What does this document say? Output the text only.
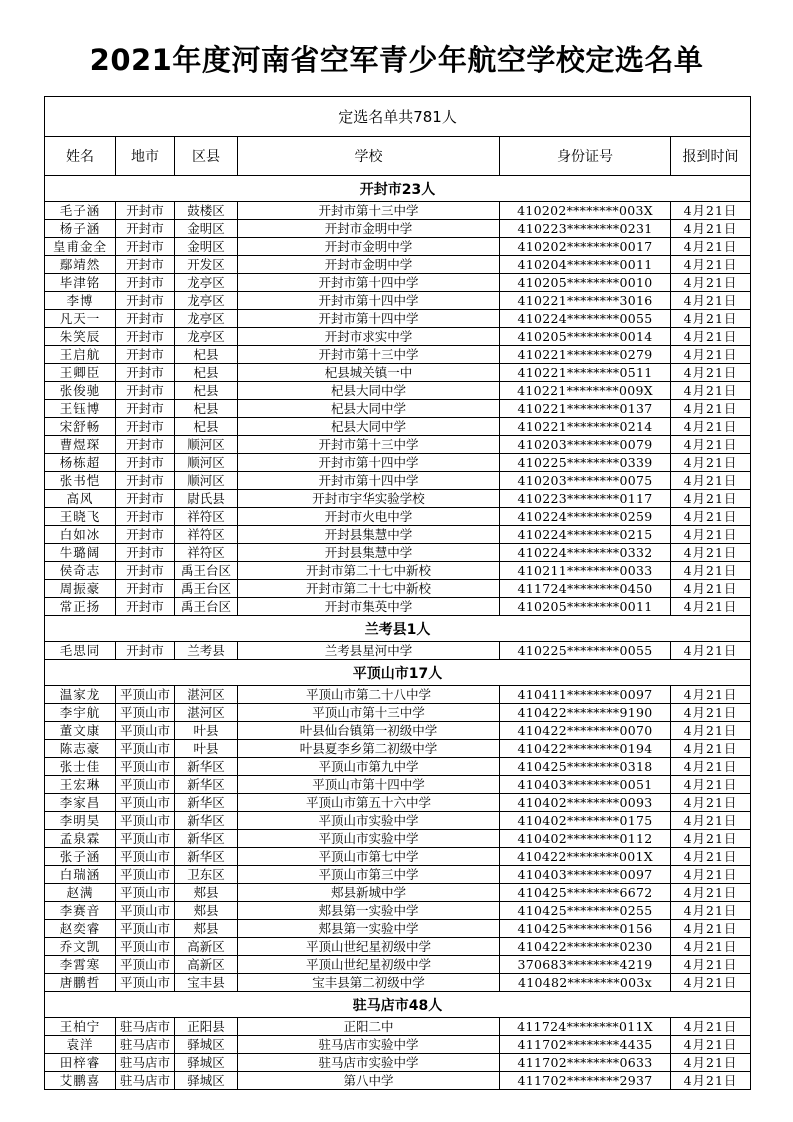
2021年度河南省空军青少年航空学校定选名单
定选名单共781人					
姓名	地市	区县	学校	身份证号	报到时间
开封市23人					
毛子涵	开封市	鼓楼区	开封市第十三中学	410202********003X	4月21日
杨子涵	开封市	金明区	开封市金明中学	410223********0231	4月21日
皇甫金全	开封市	金明区	开封市金明中学	410202********0017	4月21日
鄢靖然	开封市	开发区	开封市金明中学	410204********0011	4月21日
毕津铭	开封市	龙亭区	开封市第十四中学	410205********0010	4月21日
李博	开封市	龙亭区	开封市第十四中学	410221********3016	4月21日
凡天一	开封市	龙亭区	开封市第十四中学	410224********0055	4月21日
朱笑辰	开封市	龙亭区	开封市求实中学	410205********0014	4月21日
王启航	开封市	杞县	开封市第十三中学	410221********0279	4月21日
王卿臣	开封市	杞县	杞县城关镇一中	410221********0511	4月21日
张俊驰	开封市	杞县	杞县大同中学	410221********009X	4月21日
王钰博	开封市	杞县	杞县大同中学	410221********0137	4月21日
宋舒畅	开封市	杞县	杞县大同中学	410221********0214	4月21日
曹煜琛	开封市	顺河区	开封市第十三中学	410203********0079	4月21日
杨栋超	开封市	顺河区	开封市第十四中学	410225********0339	4月21日
张书恺	开封市	顺河区	开封市第十四中学	410203********0075	4月21日
高风	开封市	尉氏县	开封市宇华实验学校	410223********0117	4月21日
王晓飞	开封市	祥符区	开封市火电中学	410224********0259	4月21日
白如冰	开封市	祥符区	开封县集慧中学	410224********0215	4月21日
牛璐阔	开封市	祥符区	开封县集慧中学	410224********0332	4月21日
侯奇志	开封市	禹王台区	开封市第二十七中新校	410211********0033	4月21日
周振豪	开封市	禹王台区	开封市第二十七中新校	411724********0450	4月21日
常正扬	开封市	禹王台区	开封市集英中学	410205********0011	4月21日
兰考县1人					
毛思同	开封市	兰考县	兰考县星河中学	410225********0055	4月21日
平顶山市17人					
温家龙	平顶山市	湛河区	平顶山市第二十八中学	410411********0097	4月21日
李宇航	平顶山市	湛河区	平顶山市第十三中学	410422********9190	4月21日
董文康	平顶山市	叶县	叶县仙台镇第一初级中学	410422********0070	4月21日
陈志豪	平顶山市	叶县	叶县夏李乡第二初级中学	410422********0194	4月21日
张士佳	平顶山市	新华区	平顶山市第九中学	410425********0318	4月21日
王宏琳	平顶山市	新华区	平顶山市第十四中学	410403********0051	4月21日
李家昌	平顶山市	新华区	平顶山市第五十六中学	410402********0093	4月21日
李明昊	平顶山市	新华区	平顶山市实验中学	410402********0175	4月21日
孟泉霖	平顶山市	新华区	平顶山市实验中学	410402********0112	4月21日
张子涵	平顶山市	新华区	平顶山市第七中学	410422********001X	4月21日
白瑞涵	平顶山市	卫东区	平顶山市第三中学	410403********0097	4月21日
赵满	平顶山市	郏县	郏县新城中学	410425********6672	4月21日
李赛音	平顶山市	郏县	郏县第一实验中学	410425********0255	4月21日
赵奕睿	平顶山市	郏县	郏县第一实验中学	410425********0156	4月21日
乔文凯	平顶山市	高新区	平顶山世纪星初级中学	410422********0230	4月21日
李霄寒	平顶山市	高新区	平顶山世纪星初级中学	370683********4219	4月21日
唐鹏哲	平顶山市	宝丰县	宝丰县第二初级中学	410482********003x	4月21日
驻马店市48人					
王柏宁	驻马店市	正阳县	正阳二中	411724********011X	4月21日
袁洋	驻马店市	驿城区	驻马店市实验中学	411702********4435	4月21日
田梓睿	驻马店市	驿城区	驻马店市实验中学	411702********0633	4月21日
艾鹏喜	驻马店市	驿城区	第八中学	411702********2937	4月21日
